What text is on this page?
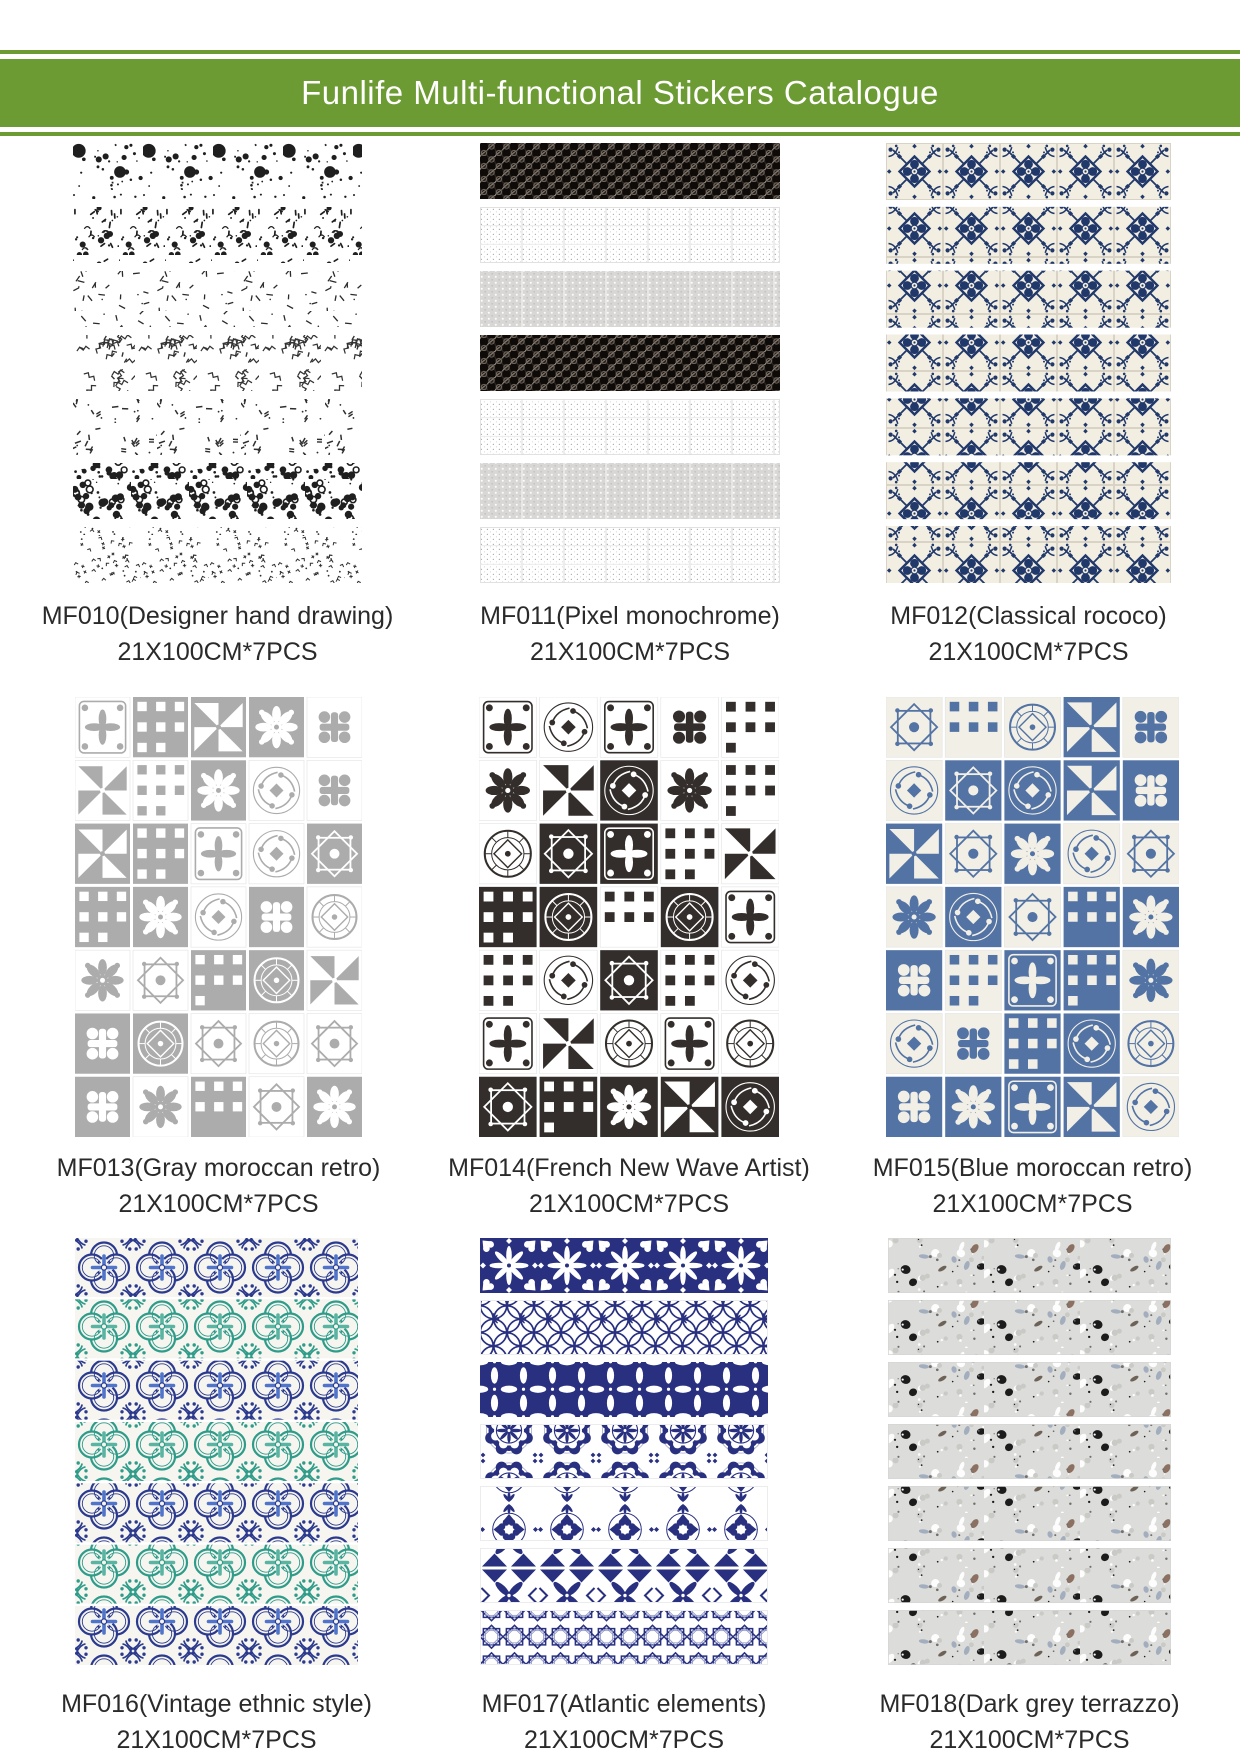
Funlife Multi-functional Stickers Catalogue
MF010(Designer hand drawing)
21X100CM*7PCS
MF011(Pixel monochrome)
21X100CM*7PCS
MF012(Classical rococo)
21X100CM*7PCS
MF013(Gray moroccan retro)
21X100CM*7PCS
MF014(French New Wave Artist)
21X100CM*7PCS
MF015(Blue moroccan retro)
21X100CM*7PCS
MF016(Vintage ethnic style)
21X100CM*7PCS
MF017(Atlantic elements)
21X100CM*7PCS
MF018(Dark grey terrazzo)
21X100CM*7PCS
